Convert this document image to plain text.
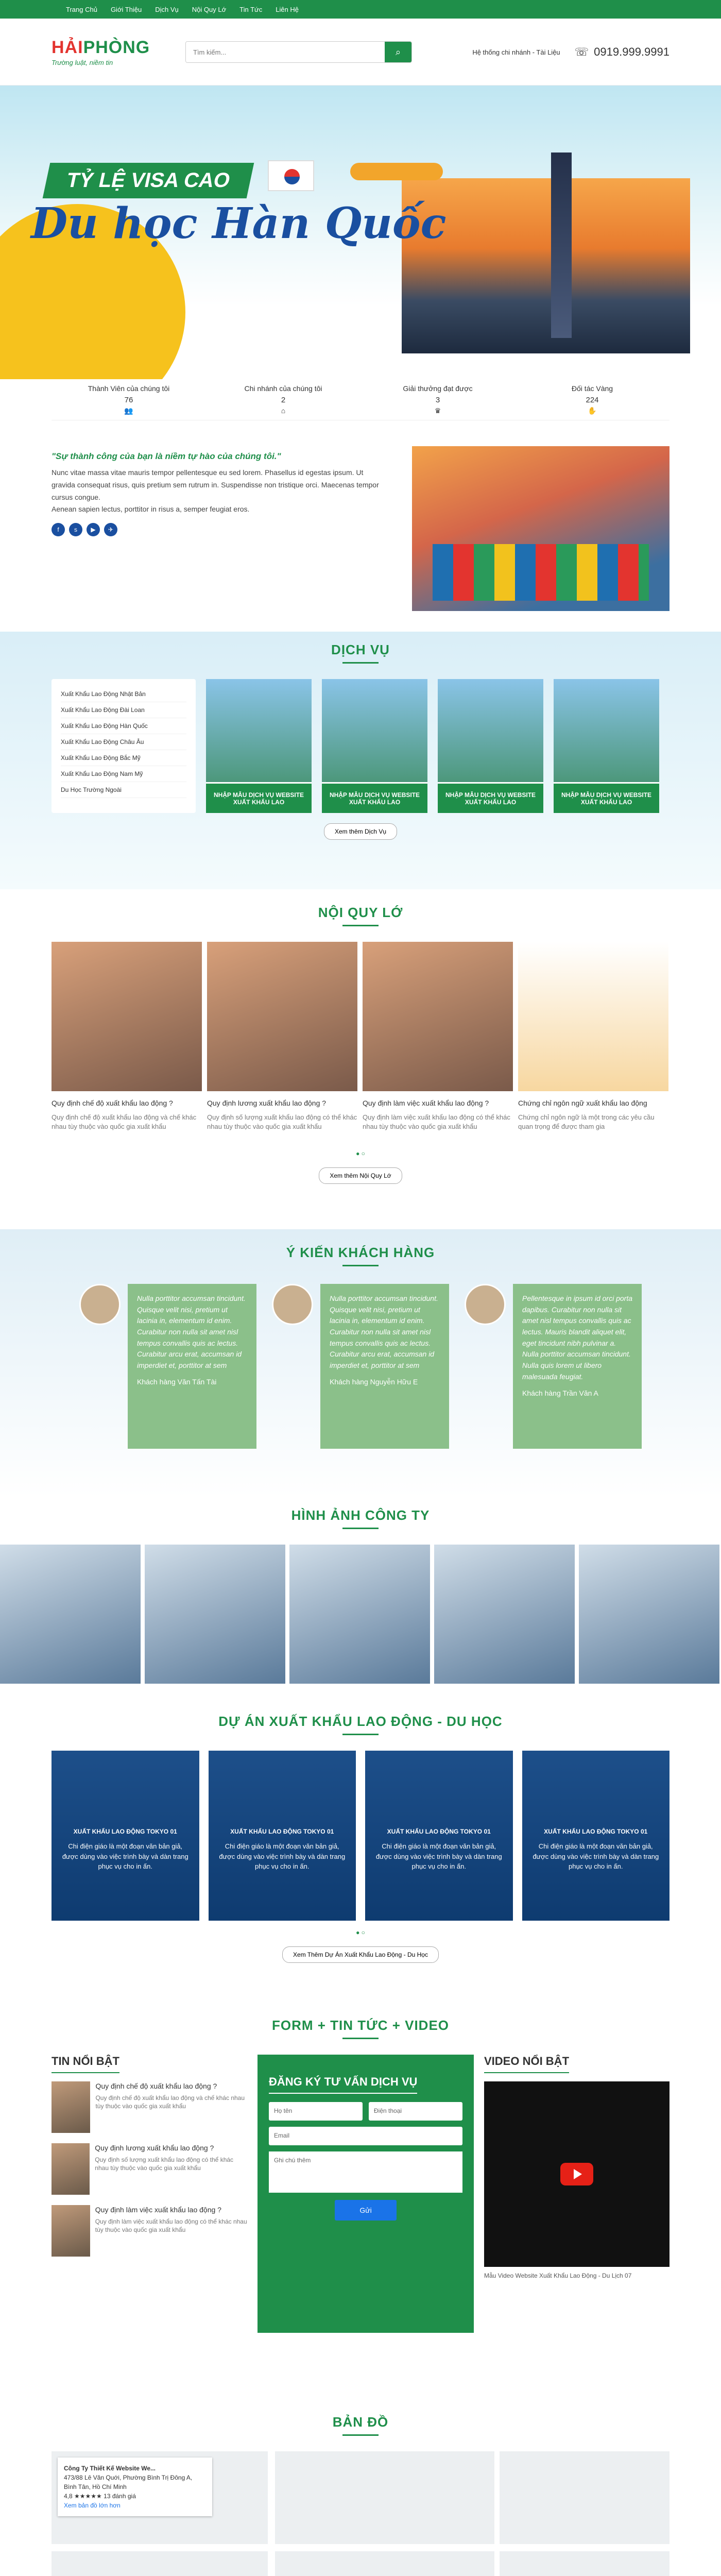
Trang Chủ Giới Thiệu Dịch Vụ Nội Quy Lớ Tin Tức Liên Hệ
HẢIPHÒNG
Trường luật, niềm tin
Tìm kiếm...
⌕	Hệ thống chi nhánh - Tài Liệu ☏ 0919.999.9991
TỶ LỆ VISA CAO
Du học Hàn Quốc
Thành Viên của chúng tôi
76
👥
Chi nhánh của chúng tôi
2
⌂
Giải thưởng đạt được
3
♛
Đối tác Vàng
224
✋
"Sự thành công của bạn là niềm tự hào của chúng tôi."

Nunc vitae massa vitae mauris tempor pellentesque eu sed lorem. Phasellus id egestas ipsum. Ut gravida consequat risus, quis pretium sem rutrum in. Suspendisse non tristique orci. Maecenas tempor cursus congue.

Aenean sapien lectus, porttitor in risus a, semper feugiat eros.

f	s	▶	✈
DỊCH VỤ
Xuất Khẩu Lao Động Nhật Bản
Xuất Khẩu Lao Động Đài Loan
Xuất Khẩu Lao Động Hàn Quốc
Xuất Khẩu Lao Động Châu Âu
Xuất Khẩu Lao Động Bắc Mỹ
Xuất Khẩu Lao Động Nam Mỹ
Du Học Trường Ngoài
NHẬP MẪU DỊCH VỤ WEBSITE XUẤT KHẨU LAO
NHẬP MẪU DỊCH VỤ WEBSITE XUẤT KHẨU LAO
NHẬP MẪU DỊCH VỤ WEBSITE XUẤT KHẨU LAO
NHẬP MẪU DỊCH VỤ WEBSITE XUẤT KHẨU LAO
Xem thêm Dịch Vụ
NỘI QUY LỚ
Quy định chế độ xuất khẩu lao động ?

Quy định chế độ xuất khẩu lao động và chế khác nhau tùy thuộc vào quốc gia xuất khẩu

Quy định lương xuất khẩu lao động ?

Quy định số lượng xuất khẩu lao động có thể khác nhau tùy thuộc vào quốc gia xuất khẩu

Quy định làm việc xuất khẩu lao động ?

Quy định làm việc xuất khẩu lao động có thể khác nhau tùy thuộc vào quốc gia xuất khẩu

Chứng chỉ ngôn ngữ xuất khẩu lao động

Chứng chỉ ngôn ngữ là một trong các yêu cầu quan trọng để được tham gia

● ○
Xem thêm Nội Quy Lớ
Ý KIẾN KHÁCH HÀNG
Nulla porttitor accumsan tincidunt. Quisque velit nisi, pretium ut lacinia in, elementum id enim. Curabitur non nulla sit amet nisl tempus convallis quis ac lectus. Curabitur arcu erat, accumsan id imperdiet et, porttitor at sem
Khách hàng Văn Tấn Tài
Nulla porttitor accumsan tincidunt. Quisque velit nisi, pretium ut lacinia in, elementum id enim. Curabitur non nulla sit amet nisl tempus convallis quis ac lectus. Curabitur arcu erat, accumsan id imperdiet et, porttitor at sem
Khách hàng Nguyễn Hữu E
Pellentesque in ipsum id orci porta dapibus. Curabitur non nulla sit amet nisl tempus convallis quis ac lectus. Mauris blandit aliquet elit, eget tincidunt nibh pulvinar a. Nulla porttitor accumsan tincidunt. Nulla quis lorem ut libero malesuada feugiat.
Khách hàng Trần Văn A
HÌNH ẢNH CÔNG TY
DỰ ÁN XUẤT KHẨU LAO ĐỘNG - DU HỌC
XUẤT KHẨU LAO ĐỘNG TOKYO 01

Chi điện giáo là một đoạn văn bản giả, được dùng vào việc trình bày và dàn trang phục vụ cho in ấn.

XUẤT KHẨU LAO ĐỘNG TOKYO 01

Chi điện giáo là một đoạn văn bản giả, được dùng vào việc trình bày và dàn trang phục vụ cho in ấn.

XUẤT KHẨU LAO ĐỘNG TOKYO 01

Chi điện giáo là một đoạn văn bản giả, được dùng vào việc trình bày và dàn trang phục vụ cho in ấn.

XUẤT KHẨU LAO ĐỘNG TOKYO 01

Chi điện giáo là một đoạn văn bản giả, được dùng vào việc trình bày và dàn trang phục vụ cho in ấn.

● ○
Xem Thêm Dự Án Xuất Khẩu Lao Động - Du Học
FORM + TIN TỨC + VIDEO
TIN NỔI BẬT
Quy định chế độ xuất khẩu lao động ?

Quy định chế độ xuất khẩu lao động và chế khác nhau tùy thuộc vào quốc gia xuất khẩu

Quy định lương xuất khẩu lao động ?

Quy định số lượng xuất khẩu lao động có thể khác nhau tùy thuộc vào quốc gia xuất khẩu

Quy định làm việc xuất khẩu lao động ?

Quy định làm việc xuất khẩu lao động có thể khác nhau tùy thuộc vào quốc gia xuất khẩu

ĐĂNG KÝ TƯ VẤN DỊCH VỤ
Họ tên	Điện thoại
Email
Ghi chú thêm
Gửi
VIDEO NỔI BẬT
Mẫu Video Website Xuất Khẩu Lao Động - Du Lịch 07
BẢN ĐỒ
Công Ty Thiết Kế Website We...
473/88 Lê Văn Quới, Phường Bình Trị Đông A, Bình Tân, Hồ Chí Minh
4,8 ★★★★★ 13 đánh giá
Xem bản đồ lớn hơn
